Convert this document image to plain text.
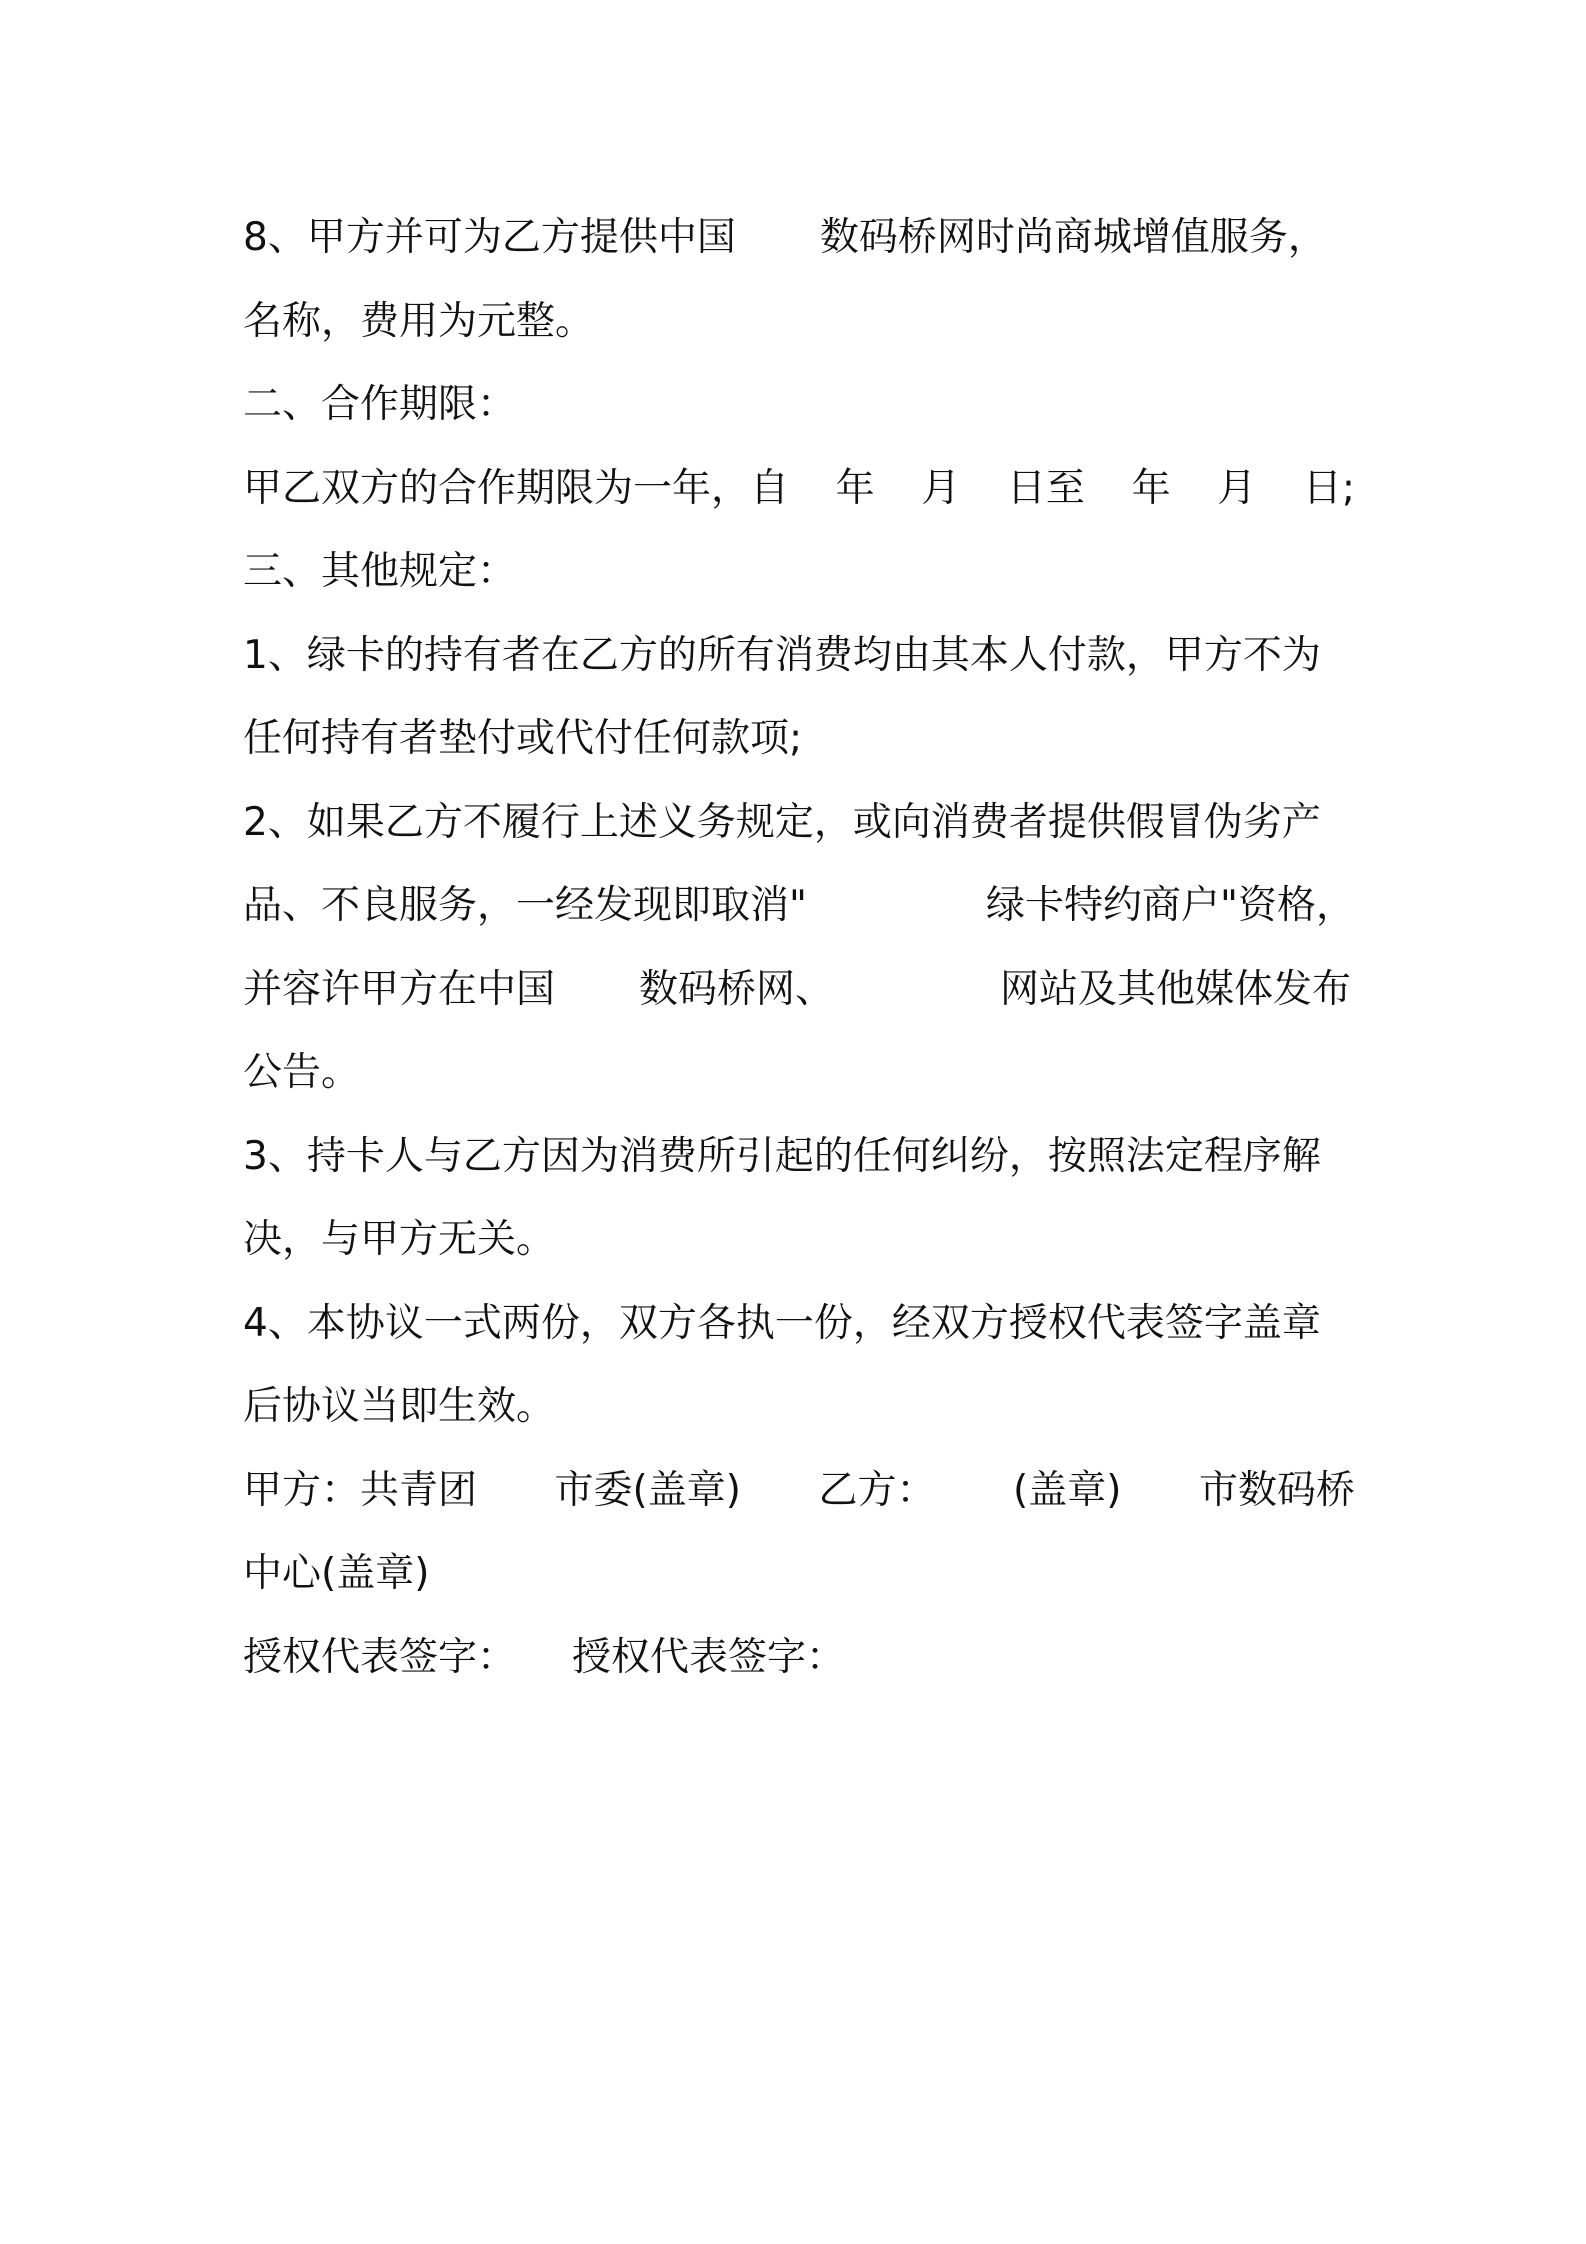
8、甲方并可为乙方提供中国 数码桥网时尚商城增值服务，
名称，费用为元整。
二、合作期限：
甲乙双方的合作期限为一年，自 年 月 日至 年 月 日;
三、其他规定：
1、绿卡的持有者在乙方的所有消费均由其本人付款，甲方不为
任何持有者垫付或代付任何款项;
2、如果乙方不履行上述义务规定，或向消费者提供假冒伪劣产
品、不良服务，一经发现即取消"	绿卡特约商户"资格，
并容许甲方在中国 数码桥网、	网站及其他媒体发布
公告。
3、持卡人与乙方因为消费所引起的任何纠纷，按照法定程序解
决，与甲方无关。
4、本协议一式两份，双方各执一份，经双方授权代表签字盖章
后协议当即生效。
甲方：共青团 市委(盖章) 乙方： (盖章) 市数码桥
中心(盖章)
授权代表签字： 授权代表签字：
